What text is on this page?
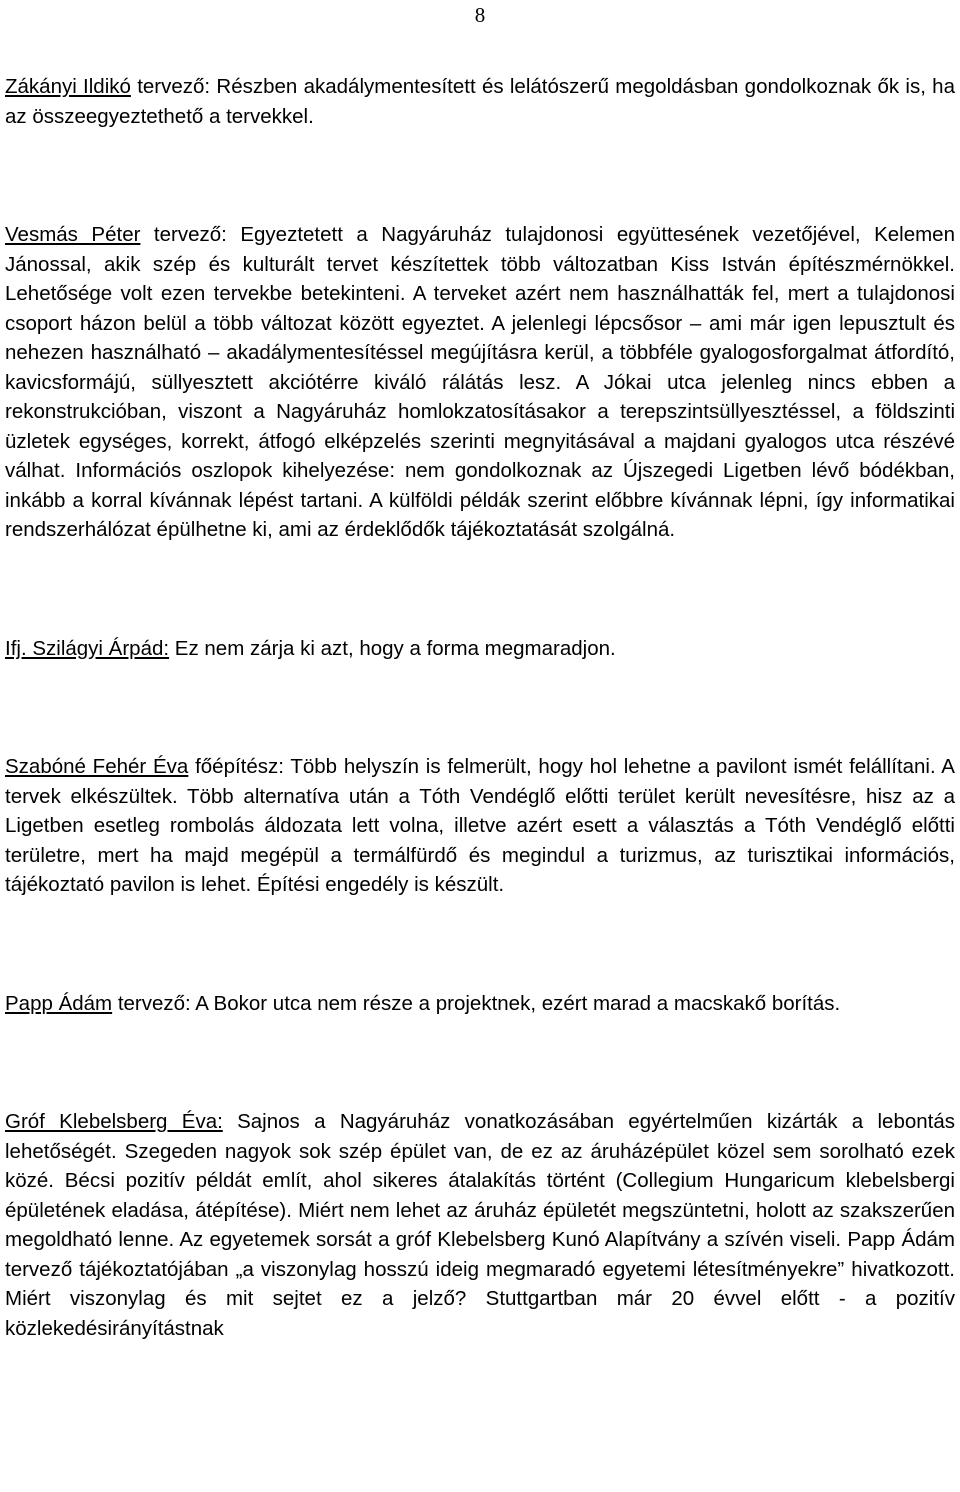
8

Zákányi Ildikó tervező: Részben akadálymentesített és lelátószerű megoldásban gondolkoznak ők is, ha az összeegyeztethető a tervekkel.

Vesmás Péter tervező: Egyeztetett a Nagyáruház tulajdonosi együttesének vezetőjével, Kelemen Jánossal, akik szép és kulturált tervet készítettek több változatban Kiss István építészmérnökkel. Lehetősége volt ezen tervekbe betekinteni. A terveket azért nem használhatták fel, mert a tulajdonosi csoport házon belül a több változat között egyeztet. A jelenlegi lépcsősor – ami már igen lepusztult és nehezen használható – akadálymentesítéssel megújításra kerül, a többféle gyalogosforgalmat átfordító, kavicsformájú, süllyesztett akciótérre kiváló rálátás lesz. A Jókai utca jelenleg nincs ebben a rekonstrukcióban, viszont a Nagyáruház homlokzatosításakor a terepszintsüllyesztéssel, a földszinti üzletek egységes, korrekt, átfogó elképzelés szerinti megnyitásával a majdani gyalogos utca részévé válhat. Információs oszlopok kihelyezése: nem gondolkoznak az Újszegedi Ligetben lévő bódékban, inkább a korral kívánnak lépést tartani. A külföldi példák szerint előbbre kívánnak lépni, így informatikai rendszerhálózat épülhetne ki, ami az érdeklődők tájékoztatását szolgálná.

Ifj. Szilágyi Árpád: Ez nem zárja ki azt, hogy a forma megmaradjon.

Szabóné Fehér Éva főépítész: Több helyszín is felmerült, hogy hol lehetne a pavilont ismét felállítani. A tervek elkészültek. Több alternatíva után a Tóth Vendéglő előtti terület került nevesítésre, hisz az a Ligetben esetleg rombolás áldozata lett volna, illetve azért esett a választás a Tóth Vendéglő előtti területre, mert ha majd megépül a termálfürdő és megindul a turizmus, az turisztikai információs, tájékoztató pavilon is lehet. Építési engedély is készült.

Papp Ádám tervező: A Bokor utca nem része a projektnek, ezért marad a macskakő borítás.

Gróf Klebelsberg Éva: Sajnos a Nagyáruház vonatkozásában egyértelműen kizárták a lebontás lehetőségét. Szegeden nagyok sok szép épület van, de ez az áruházépület közel sem sorolható ezek közé. Bécsi pozitív példát említ, ahol sikeres átalakítás történt (Collegium Hungaricum klebelsbergi épületének eladása, átépítése). Miért nem lehet az áruház épületét megszüntetni, holott az szakszerűen megoldható lenne. Az egyetemek sorsát a gróf Klebelsberg Kunó Alapítvány a szívén viseli. Papp Ádám tervező tájékoztatójában „a viszonylag hosszú ideig megmaradó egyetemi létesítményekre” hivatkozott. Miért viszonylag és mit sejtet ez a jelző? Stuttgartban már 20 évvel előtt - a pozitív közlekedésirányítástnak
